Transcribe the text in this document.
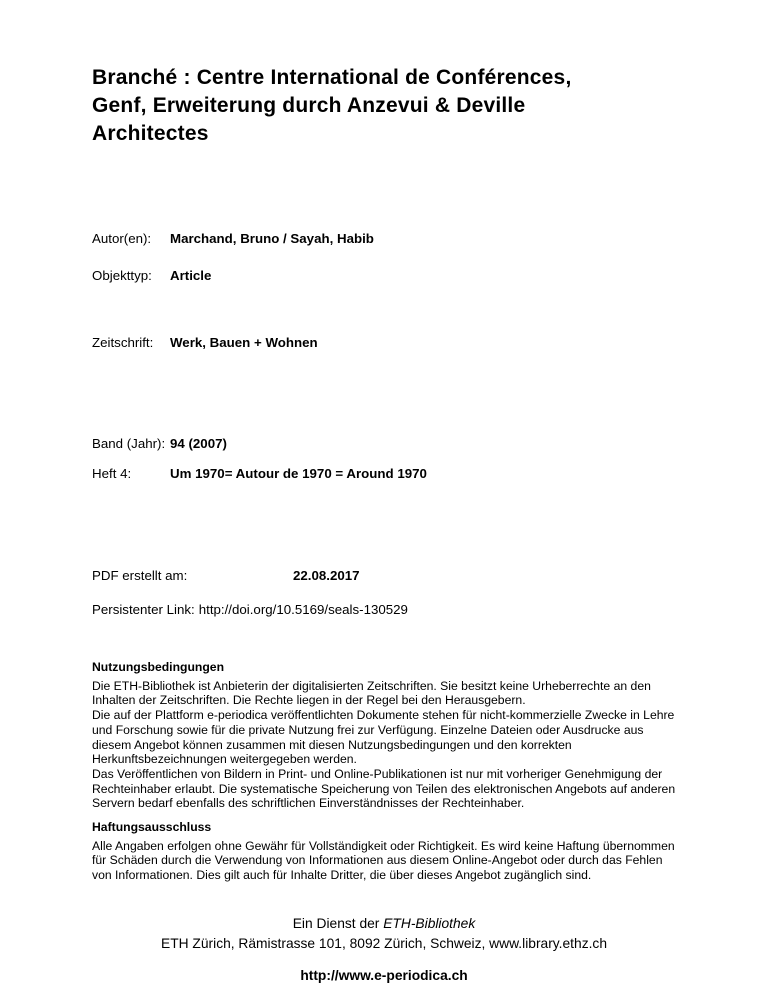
Branché : Centre International de Conférences,
Genf, Erweiterung durch Anzevui & Deville
Architectes
Autor(en):	Marchand, Bruno / Sayah, Habib
Objekttyp:	Article
Zeitschrift:	Werk, Bauen + Wohnen
Band (Jahr): 94 (2007)
Heft 4:	Um 1970= Autour de 1970 = Around 1970
PDF erstellt am:	22.08.2017
Persistenter Link: http://doi.org/10.5169/seals-130529
Nutzungsbedingungen

Die ETH-Bibliothek ist Anbieterin der digitalisierten Zeitschriften. Sie besitzt keine Urheberrechte an den Inhalten der Zeitschriften. Die Rechte liegen in der Regel bei den Herausgebern.

Die auf der Plattform e-periodica veröffentlichten Dokumente stehen für nicht-kommerzielle Zwecke in Lehre und Forschung sowie für die private Nutzung frei zur Verfügung. Einzelne Dateien oder Ausdrucke aus diesem Angebot können zusammen mit diesen Nutzungsbedingungen und den korrekten Herkunftsbezeichnungen weitergegeben werden.

Das Veröffentlichen von Bildern in Print- und Online-Publikationen ist nur mit vorheriger Genehmigung der Rechteinhaber erlaubt. Die systematische Speicherung von Teilen des elektronischen Angebots auf anderen Servern bedarf ebenfalls des schriftlichen Einverständnisses der Rechteinhaber.

Haftungsausschluss

Alle Angaben erfolgen ohne Gewähr für Vollständigkeit oder Richtigkeit. Es wird keine Haftung übernommen für Schäden durch die Verwendung von Informationen aus diesem Online-Angebot oder durch das Fehlen von Informationen. Dies gilt auch für Inhalte Dritter, die über dieses Angebot zugänglich sind.

Ein Dienst der ETH-Bibliothek
ETH Zürich, Rämistrasse 101, 8092 Zürich, Schweiz, www.library.ethz.ch
http://www.e-periodica.ch
